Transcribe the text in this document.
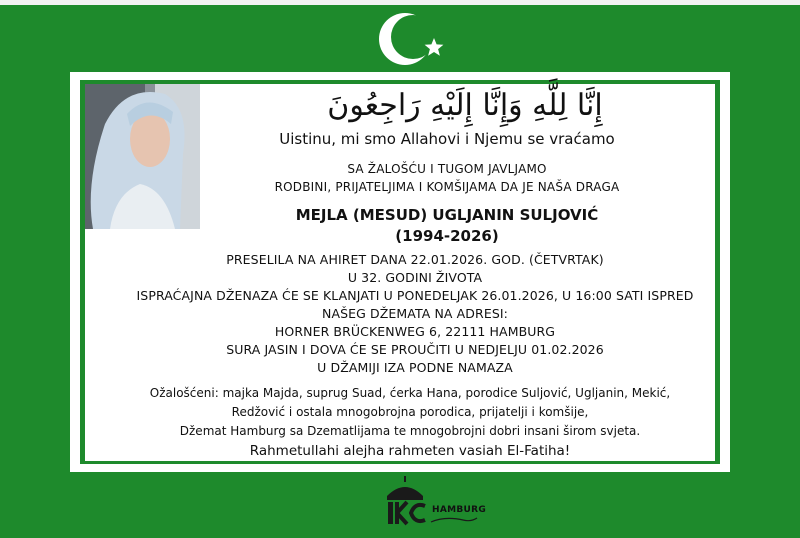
إِنَّا لِلَّهِ وَإِنَّا إِلَيْهِ رَاجِعُونَ
Uistinu, mi smo Allahovi i Njemu se vraćamo
SA ŽALOŠĆU I TUGOM JAVLJAMO
RODBINI, PRIJATELJIMA I KOMŠIJAMA DA JE NAŠA DRAGA
MEJLA (MESUD) UGLJANIN SULJOVIĆ
(1994-2026)
PRESELILA NA AHIRET DANA 22.01.2026. GOD. (ČETVRTAK)
U 32. GODINI ŽIVOTA
ISPRAĆAJNA DŽENAZA ĆE SE KLANJATI U PONEDELJAK 26.01.2026, U 16:00 SATI ISPRED
NAŠEG DŽEMATA NA ADRESI:
HORNER BRÜCKENWEG 6, 22111 HAMBURG
SURA JASIN I DOVA ĆE SE PROUČITI U NEDJELJU 01.02.2026
U DŽAMIJI IZA PODNE NAMAZA
Ožalošćeni: majka Majda, suprug Suad, ćerka Hana, porodice Suljović, Ugljanin, Mekić,
Redžović i ostala mnogobrojna porodica, prijatelji i komšije,
Džemat Hamburg sa Dzematlijama te mnogobrojni dobri insani širom svjeta.
Rahmetullahi alejha rahmeten vasiah El-Fatiha!
HAMBURG
